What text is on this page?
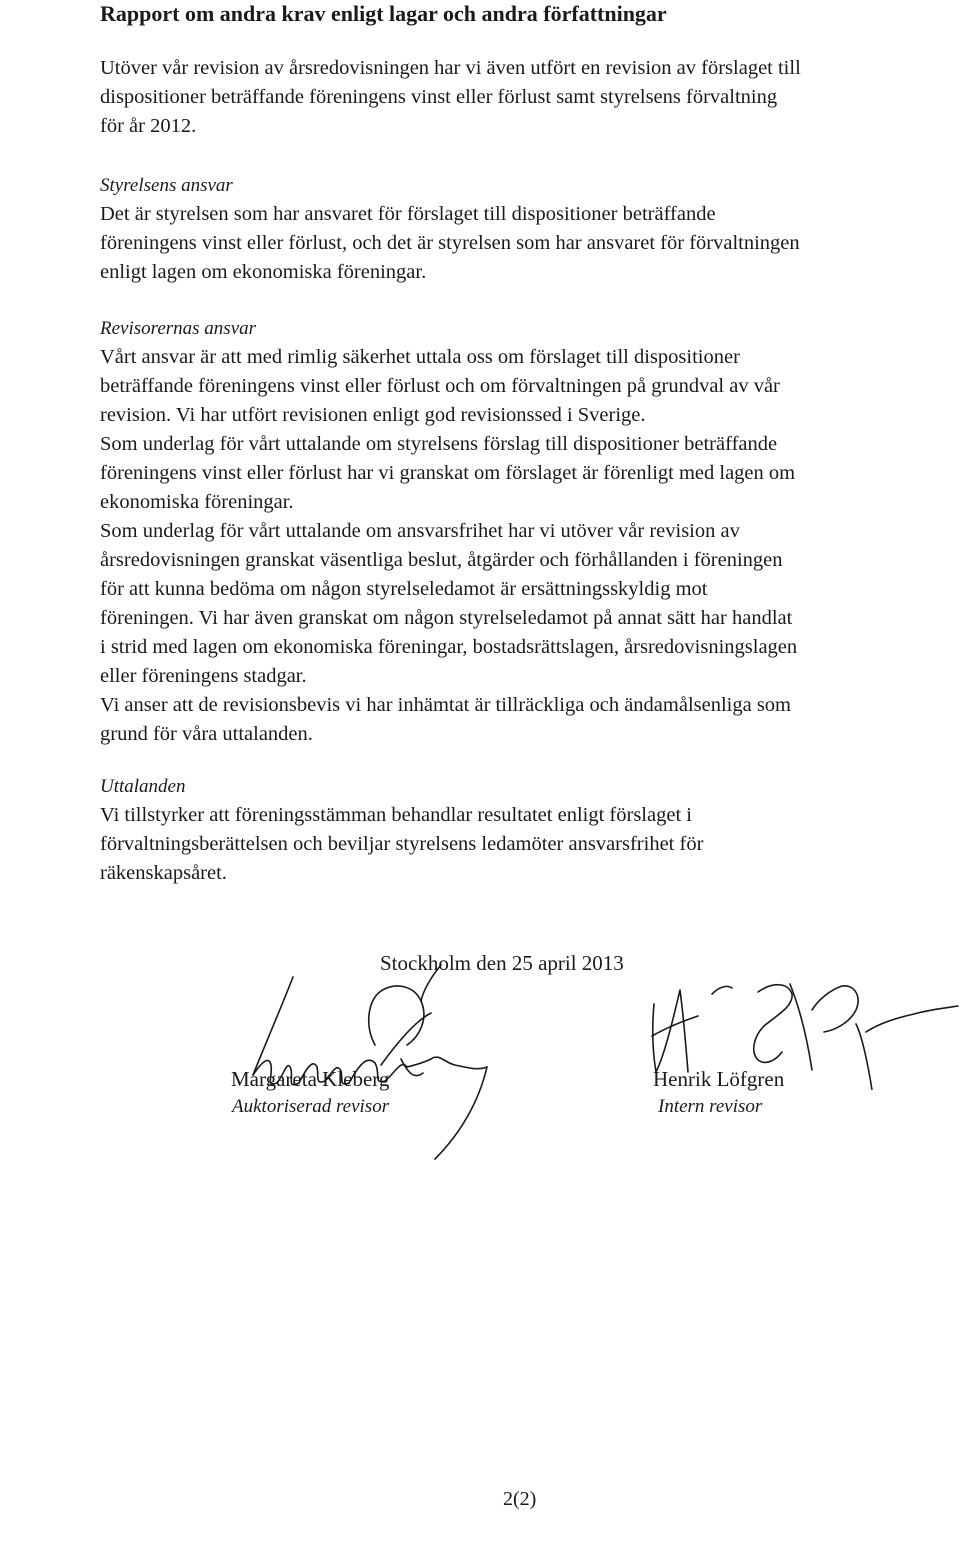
Rapport om andra krav enligt lagar och andra författningar

Utöver vår revision av årsredovisningen har vi även utfört en revision av förslaget till

dispositioner beträffande föreningens vinst eller förlust samt styrelsens förvaltning

för år 2012.

Styrelsens ansvar

Det är styrelsen som har ansvaret för förslaget till dispositioner beträffande

föreningens vinst eller förlust, och det är styrelsen som har ansvaret för förvaltningen

enligt lagen om ekonomiska föreningar.

Revisorernas ansvar

Vårt ansvar är att med rimlig säkerhet uttala oss om förslaget till dispositioner

beträffande föreningens vinst eller förlust och om förvaltningen på grundval av vår

revision. Vi har utfört revisionen enligt god revisionssed i Sverige.

Som underlag för vårt uttalande om styrelsens förslag till dispositioner beträffande

föreningens vinst eller förlust har vi granskat om förslaget är förenligt med lagen om

ekonomiska föreningar.

Som underlag för vårt uttalande om ansvarsfrihet har vi utöver vår revision av

årsredovisningen granskat väsentliga beslut, åtgärder och förhållanden i föreningen

för att kunna bedöma om någon styrelseledamot är ersättningsskyldig mot

föreningen. Vi har även granskat om någon styrelseledamot på annat sätt har handlat

i strid med lagen om ekonomiska föreningar, bostadsrättslagen, årsredovisningslagen

eller föreningens stadgar.

Vi anser att de revisionsbevis vi har inhämtat är tillräckliga och ändamålsenliga som

grund för våra uttalanden.

Uttalanden

Vi tillstyrker att föreningsstämman behandlar resultatet enligt förslaget i

förvaltningsberättelsen och beviljar styrelsens ledamöter ansvarsfrihet för

räkenskapsåret.

Stockholm den 25 april 2013
Margareta Kleberg
Auktoriserad revisor
Henrik Löfgren
Intern revisor
2(2)
